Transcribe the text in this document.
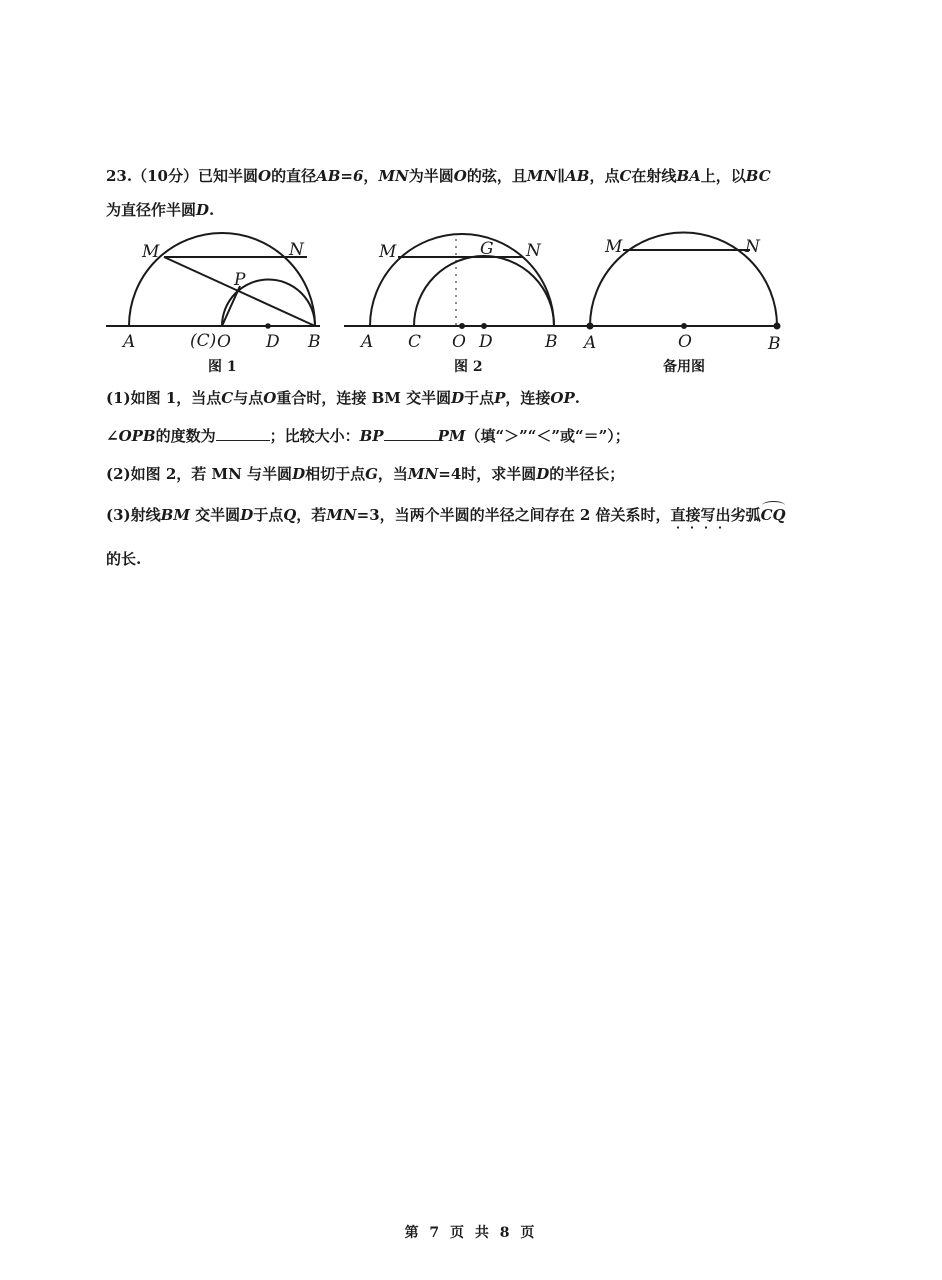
23.（10分）已知半圆O的直径AB=6，MN为半圆O的弦，且MN∥AB，点C在射线BA上，以BC
为直径作半圆D.
M	N
P
A	(C) O D B
图 1
M	G N
A C O D	B
图 2
M	N
A	O	B
备用图
(1)如图 1，当点C与点O重合时，连接 BM 交半圆D于点P，连接OP.
∠OPB的度数为	；比较大小：BP	PM（填“＞”“＜”或“＝”）；
(2)如图 2，若 MN 与半圆D相切于点G，当MN=4时，求半圆D的半径长；
(3)射线BM 交半圆D于点Q，若MN=3，当两个半圆的半径之间存在 2 倍关系时，直接写出劣弧CQ
的长.
第 7 页 共 8 页
